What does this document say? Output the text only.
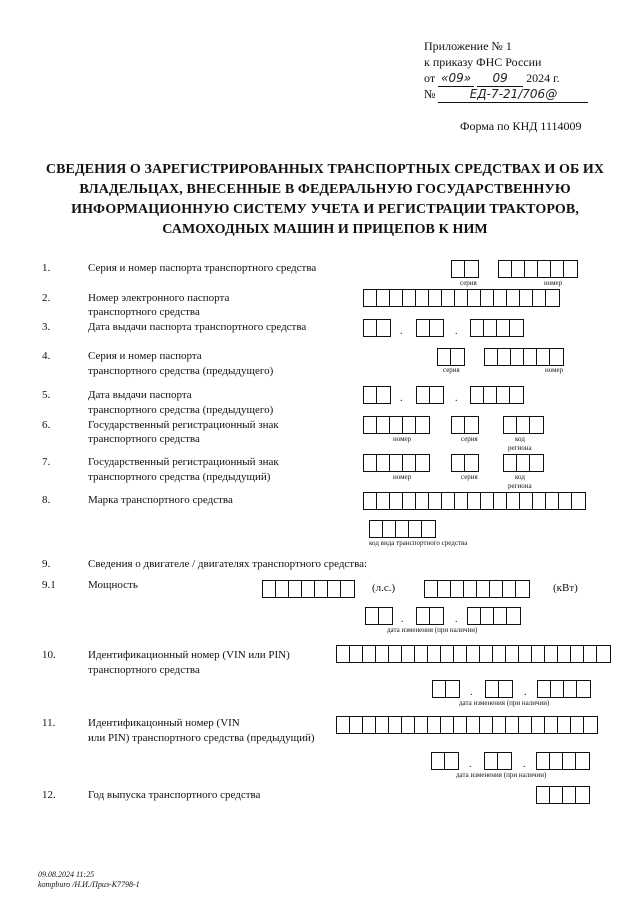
Приложение № 1
к приказу ФНС России
от «09» 09 2024 г.
№	ЕД-7-21/706@
Форма по КНД 1114009
СВЕДЕНИЯ О ЗАРЕГИСТРИРОВАННЫХ ТРАНСПОРТНЫХ СРЕДСТВАХ И ОБ ИХ ВЛАДЕЛЬЦАХ, ВНЕСЕННЫЕ В ФЕДЕРАЛЬНУЮ ГОСУДАРСТВЕННУЮ ИНФОРМАЦИОННУЮ СИСТЕМУ УЧЕТА И РЕГИСТРАЦИИ ТРАКТОРОВ, САМОХОДНЫХ МАШИН И ПРИЦЕПОВ К НИМ
1.	Серия и номер паспорта транспортного средства
серия	номер
2.	Номер электронного паспорта
транспортного средства
3.	Дата выдачи паспорта транспортного средства	.	.
4.	Серия и номер паспорта
транспортного средства (предыдущего)	серия	номер
5.	Дата выдачи паспорта
транспортного средства (предыдущего)
.	.
6.	Государственный регистрационный знак
транспортного средства	номер	серия	код
региона
7.	Государственный регистрационный знак
транспортного средства (предыдущий)	номер	серия	код
региона
8.	Марка транспортного средства
код вида транспортного средства
9.	Сведения о двигателе / двигателях транспортного средства:
9.1	Мощность	(л.с.)	(кВт)
.	.
дата изменения (при наличии)
10.	Идентификационный номер (VIN или PIN)
транспортного средства
.	.
дата изменения (при наличии)
11.	Идентификацонный номер (VIN
или PIN) транспортного средства (предыдущий)
.	.
дата изменения (при наличии)
12.	Год выпуска транспортного средства
09.08.2024 11:25
kompburo /Н.И./Приз-К7798-1
